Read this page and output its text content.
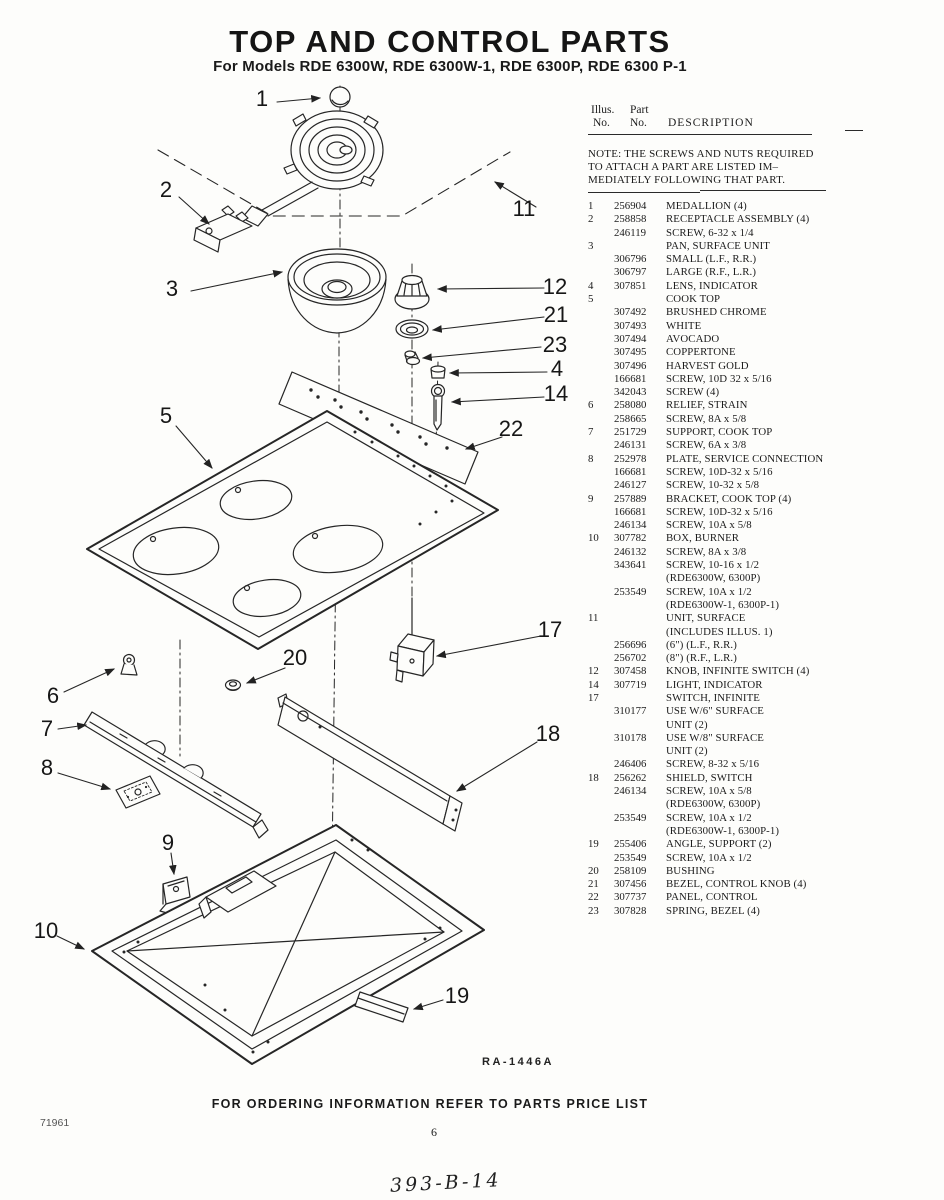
TOP AND CONTROL PARTS
For Models RDE 6300W, RDE 6300W-1, RDE 6300P, RDE 6300 P-1
1
2
3
11
12
21
23
4
14
5
22
17
6
20
7	18
8
9
10
19
RA-1446A
Illus. Part
No. No. DESCRIPTION
NOTE: THE SCREWS AND NUTS REQUIRED
TO ATTACH A PART ARE LISTED IM–
MEDIATELY FOLLOWING THAT PART.
1	256904	MEDALLION (4)
2	258858	RECEPTACLE ASSEMBLY (4)
	246119	SCREW, 6-32 x 1/4
3		PAN, SURFACE UNIT
	306796	SMALL (L.F., R.R.)
	306797	LARGE (R.F., L.R.)
4	307851	LENS, INDICATOR
5		COOK TOP
	307492	BRUSHED CHROME
	307493	WHITE
	307494	AVOCADO
	307495	COPPERTONE
	307496	HARVEST GOLD
	166681	SCREW, 10D 32 x 5/16
	342043	SCREW (4)
6	258080	RELIEF, STRAIN
	258665	SCREW, 8A x 5/8
7	251729	SUPPORT, COOK TOP
	246131	SCREW, 6A x 3/8
8	252978	PLATE, SERVICE CONNECTION
	166681	SCREW, 10D-32 x 5/16
	246127	SCREW, 10-32 x 5/8
9	257889	BRACKET, COOK TOP (4)
	166681	SCREW, 10D-32 x 5/16
	246134	SCREW, 10A x 5/8
10	307782	BOX, BURNER
	246132	SCREW, 8A x 3/8
	343641	SCREW, 10-16 x 1/2
		(RDE6300W, 6300P)
	253549	SCREW, 10A x 1/2
		(RDE6300W-1, 6300P-1)
11		UNIT, SURFACE
		(INCLUDES ILLUS. 1)
	256696	(6") (L.F., R.R.)
	256702	(8") (R.F., L.R.)
12	307458	KNOB, INFINITE SWITCH (4)
14	307719	LIGHT, INDICATOR
17		SWITCH, INFINITE
	310177	USE W/6" SURFACE
		UNIT (2)
	310178	USE W/8" SURFACE
		UNIT (2)
	246406	SCREW, 8-32 x 5/16
18	256262	SHIELD, SWITCH
	246134	SCREW, 10A x 5/8
		(RDE6300W, 6300P)
	253549	SCREW, 10A x 1/2
		(RDE6300W-1, 6300P-1)
19	255406	ANGLE, SUPPORT (2)
	253549	SCREW, 10A x 1/2
20	258109	BUSHING
21	307456	BEZEL, CONTROL KNOB (4)
22	307737	PANEL, CONTROL
23	307828	SPRING, BEZEL (4)
FOR ORDERING INFORMATION REFER TO PARTS PRICE LIST
6
71961
393-B-14
